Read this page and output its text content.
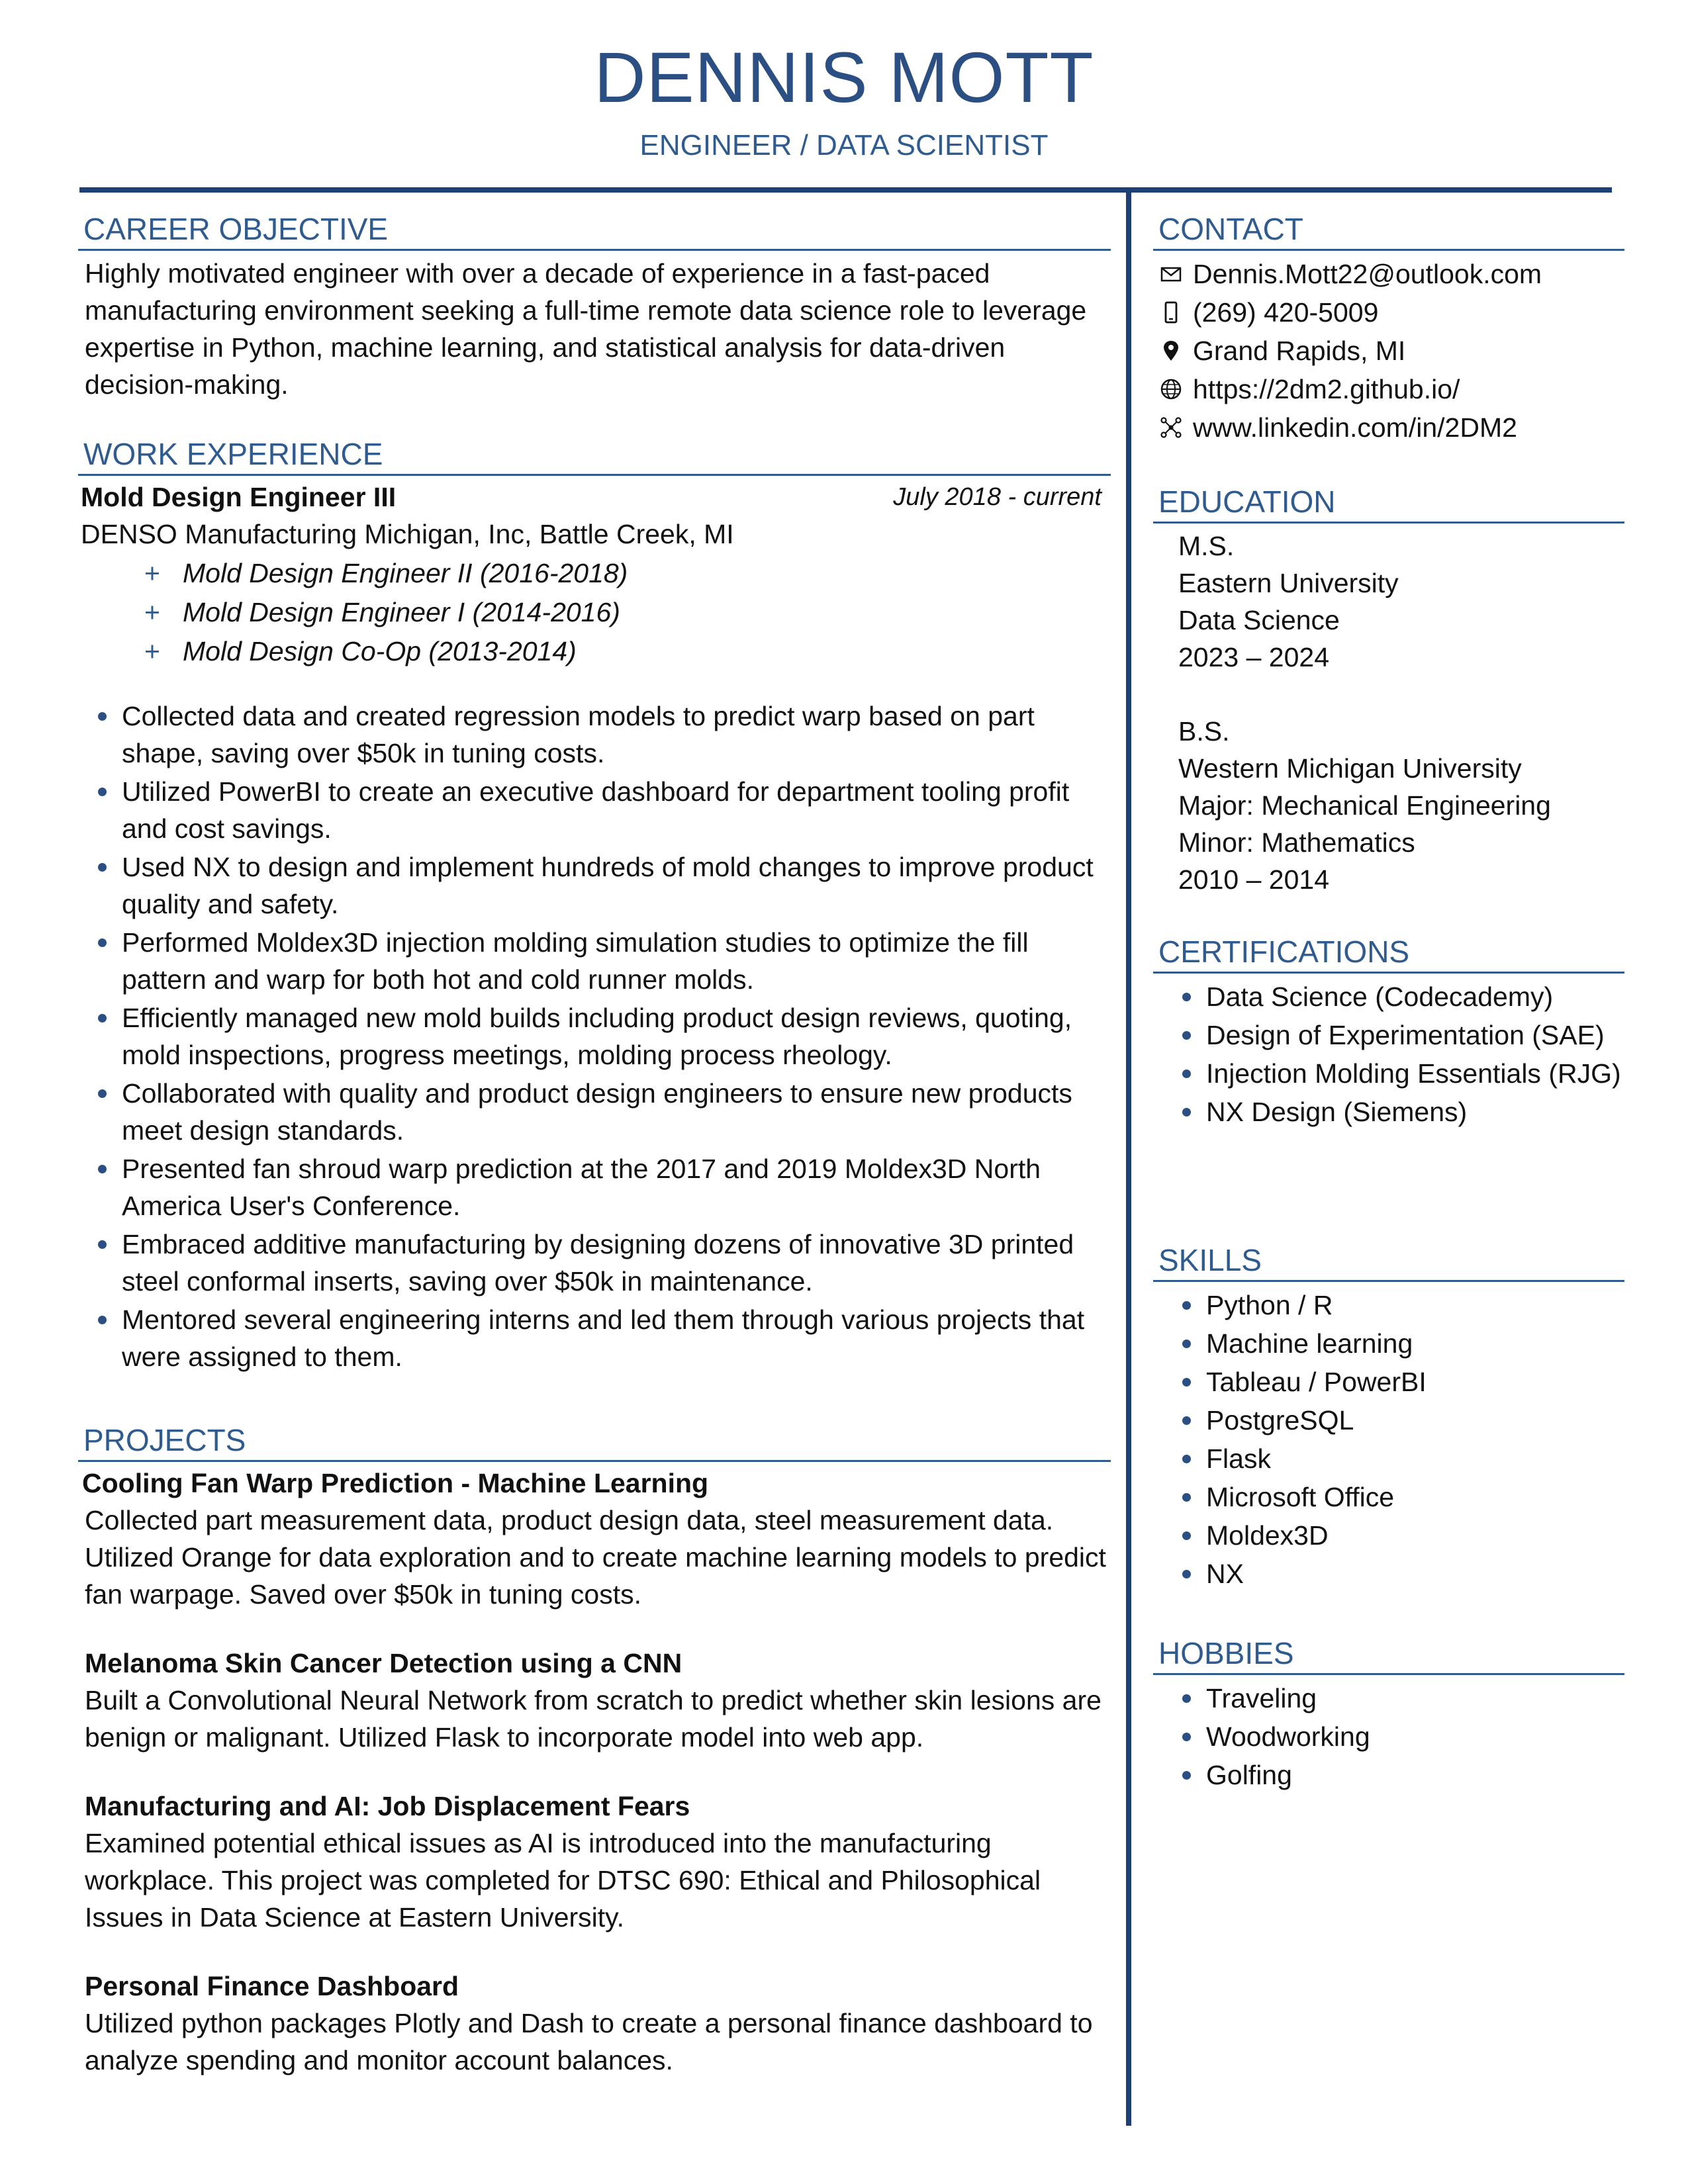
DENNIS MOTT
ENGINEER / DATA SCIENTIST
CAREER OBJECTIVE

Highly motivated engineer with over a decade of experience in a fast-paced manufacturing environment seeking a full-time remote data science role to leverage expertise in Python, machine learning, and statistical analysis for data-driven decision-making.

WORK EXPERIENCE
Mold Design Engineer III	July 2018 - current
DENSO Manufacturing Michigan, Inc, Battle Creek, MI
+ Mold Design Engineer II (2016-2018)
+ Mold Design Engineer I (2014-2016)
+ Mold Design Co-Op (2013-2014)
Collected data and created regression models to predict warp based on part shape, saving over $50k in tuning costs.
Utilized PowerBI to create an executive dashboard for department tooling profit and cost savings.
Used NX to design and implement hundreds of mold changes to improve product quality and safety.
Performed Moldex3D injection molding simulation studies to optimize the fill pattern and warp for both hot and cold runner molds.
Efficiently managed new mold builds including product design reviews, quoting, mold inspections, progress meetings, molding process rheology.
Collaborated with quality and product design engineers to ensure new products meet design standards.
Presented fan shroud warp prediction at the 2017 and 2019 Moldex3D North America User's Conference.
Embraced additive manufacturing by designing dozens of innovative 3D printed steel conformal inserts, saving over $50k in maintenance.
Mentored several engineering interns and led them through various projects that were assigned to them.
PROJECTS

Cooling Fan Warp Prediction - Machine Learning

Collected part measurement data, product design data, steel measurement data. Utilized Orange for data exploration and to create machine learning models to predict fan warpage. Saved over $50k in tuning costs.

Melanoma Skin Cancer Detection using a CNN

Built a Convolutional Neural Network from scratch to predict whether skin lesions are benign or malignant. Utilized Flask to incorporate model into web app.

Manufacturing and AI: Job Displacement Fears

Examined potential ethical issues as AI is introduced into the manufacturing workplace. This project was completed for DTSC 690: Ethical and Philosophical Issues in Data Science at Eastern University.

Personal Finance Dashboard

Utilized python packages Plotly and Dash to create a personal finance dashboard to analyze spending and monitor account balances.

CONTACT
Dennis.Mott22@outlook.com
(269) 420-5009
Grand Rapids, MI
https://2dm2.github.io/
www.linkedin.com/in/2DM2
EDUCATION

M.S.

Eastern University

Data Science

2023 – 2024

B.S.

Western Michigan University

Major: Mechanical Engineering

Minor: Mathematics

2010 – 2014

CERTIFICATIONS
Data Science (Codecademy)
Design of Experimentation (SAE)
Injection Molding Essentials (RJG)
NX Design (Siemens)
SKILLS
Python / R
Machine learning
Tableau / PowerBI
PostgreSQL
Flask
Microsoft Office
Moldex3D
NX
HOBBIES
Traveling
Woodworking
Golfing
